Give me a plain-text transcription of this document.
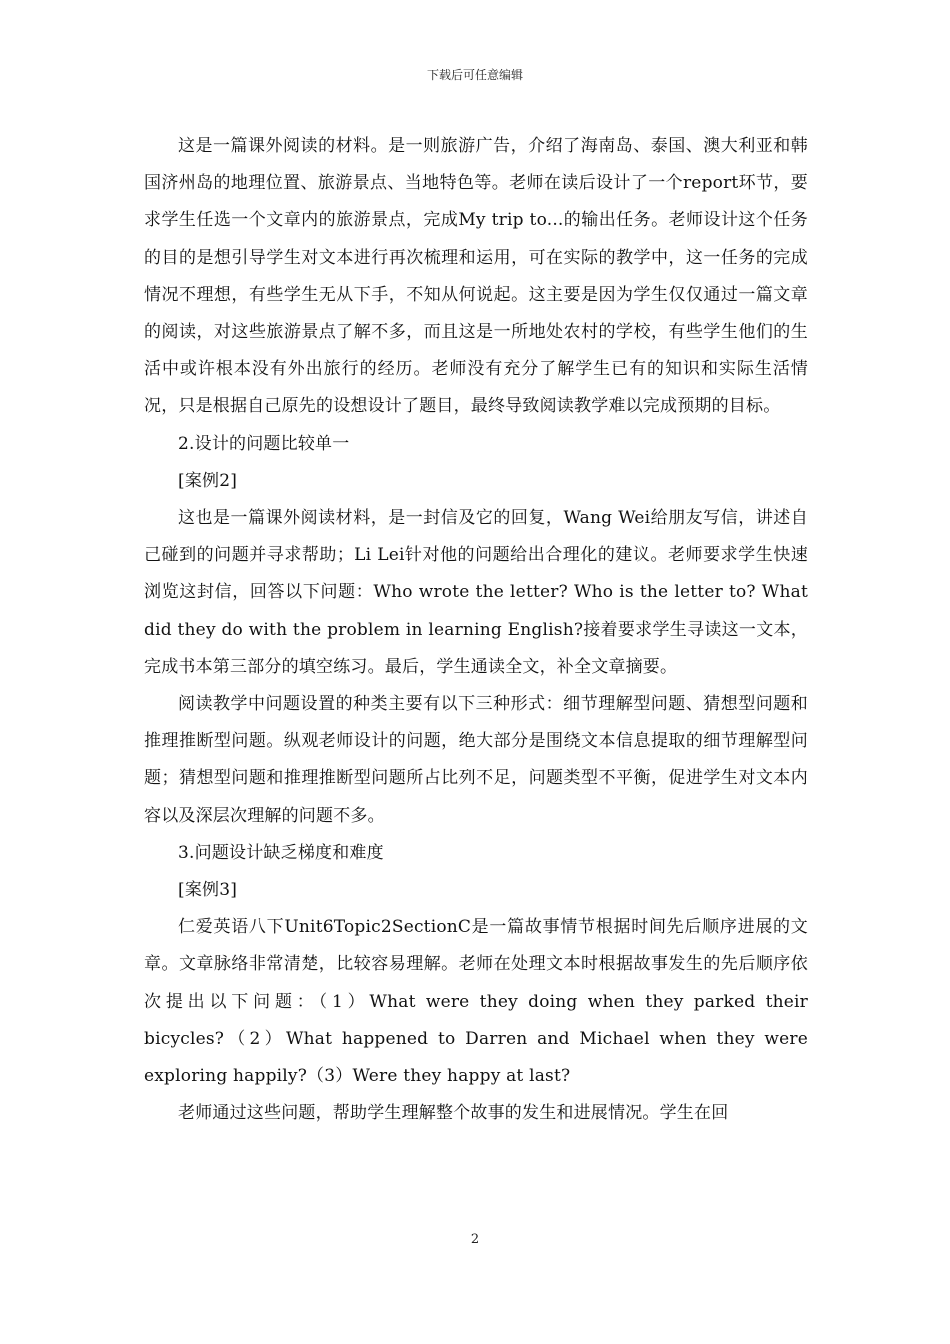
下载后可任意编辑

这是一篇课外阅读的材料。是一则旅游广告，介绍了海南岛、泰国、澳大利亚和韩国济州岛的地理位置、旅游景点、当地特色等。老师在读后设计了一个report环节，要求学生任选一个文章内的旅游景点，完成My trip to...的输出任务。老师设计这个任务的目的是想引导学生对文本进行再次梳理和运用，可在实际的教学中，这一任务的完成情况不理想，有些学生无从下手，不知从何说起。这主要是因为学生仅仅通过一篇文章的阅读，对这些旅游景点了解不多，而且这是一所地处农村的学校，有些学生他们的生活中或许根本没有外出旅行的经历。老师没有充分了解学生已有的知识和实际生活情况，只是根据自己原先的设想设计了题目，最终导致阅读教学难以完成预期的目标。

2.设计的问题比较单一

[案例2]

这也是一篇课外阅读材料，是一封信及它的回复，Wang Wei给朋友写信，讲述自己碰到的问题并寻求帮助；Li Lei针对他的问题给出合理化的建议。老师要求学生快速浏览这封信，回答以下问题：Who wrote the letter? Who is the letter to? What did they do with the problem in learning English?接着要求学生寻读这一文本，完成书本第三部分的填空练习。最后，学生通读全文，补全文章摘要。

阅读教学中问题设置的种类主要有以下三种形式：细节理解型问题、猜想型问题和推理推断型问题。纵观老师设计的问题，绝大部分是围绕文本信息提取的细节理解型问题；猜想型问题和推理推断型问题所占比列不足，问题类型不平衡，促进学生对文本内容以及深层次理解的问题不多。

3.问题设计缺乏梯度和难度

[案例3]

仁爱英语八下Unit6Topic2SectionC是一篇故事情节根据时间先后顺序进展的文章。文章脉络非常清楚，比较容易理解。老师在处理文本时根据故事发生的先后顺序依次提出以下问题：（1）What were they doing when they parked their bicycles?（2）What happened to Darren and Michael when they were exploring happily?（3）Were they happy at last?

老师通过这些问题，帮助学生理解整个故事的发生和进展情况。学生在回

2
